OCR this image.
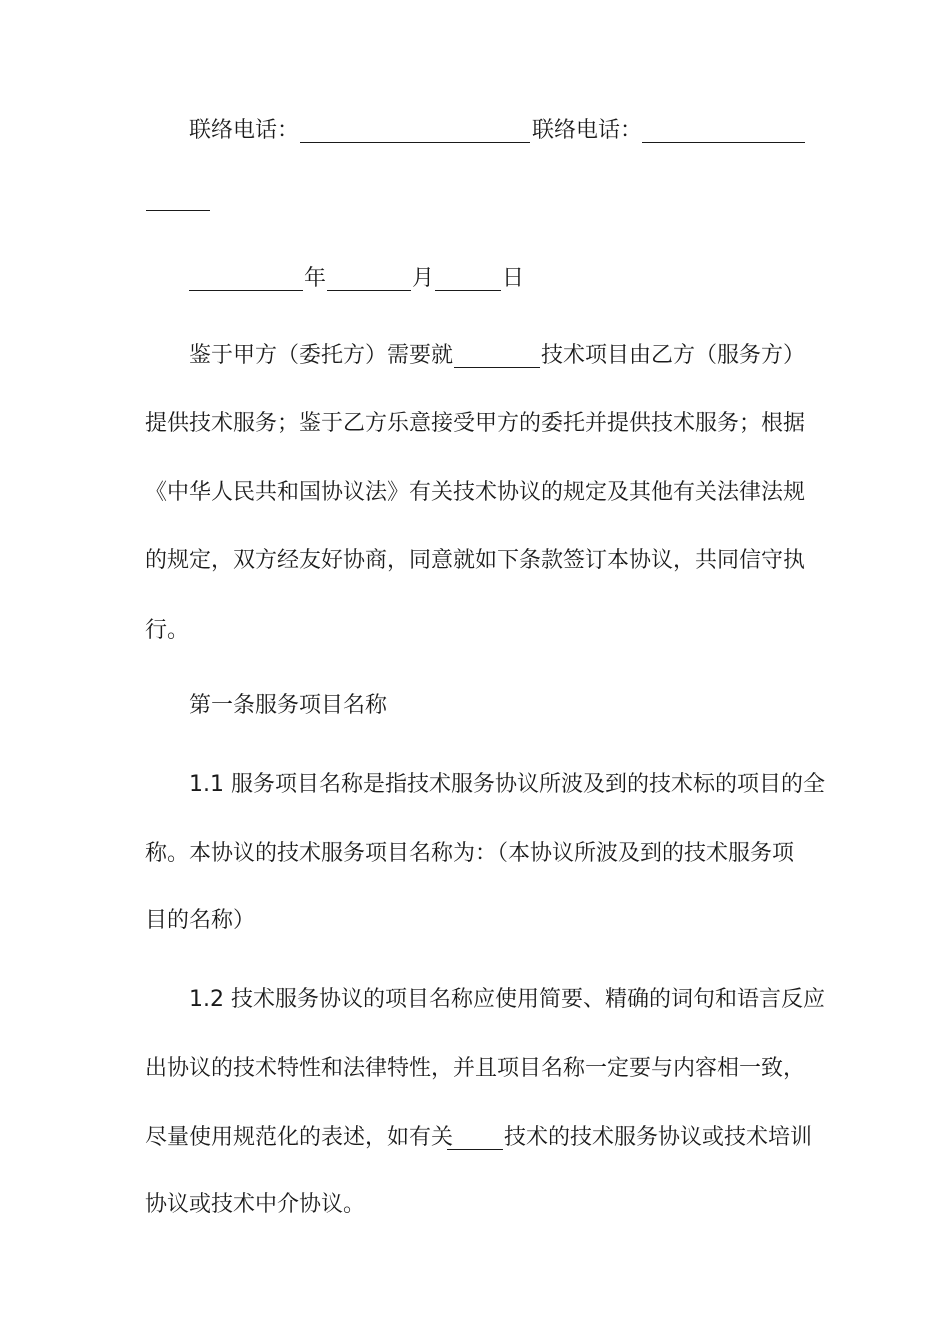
联络电话：	联络电话：
年	月	日
鉴于甲方（委托方）需要就	技术项目由乙方（服务方）
提供技术服务；鉴于乙方乐意接受甲方的委托并提供技术服务；根据
《中华人民共和国协议法》有关技术协议的规定及其他有关法律法规
的规定，双方经友好协商，同意就如下条款签订本协议，共同信守执
行。
第一条服务项目名称
1.1 服务项目名称是指技术服务协议所波及到的技术标的项目的全
称。本协议的技术服务项目名称为：（本协议所波及到的技术服务项
目的名称）
1.2 技术服务协议的项目名称应使用简要、精确的词句和语言反应
出协议的技术特性和法律特性，并且项目名称一定要与内容相一致，
尽量使用规范化的表述，如有关 技术的技术服务协议或技术培训
协议或技术中介协议。
